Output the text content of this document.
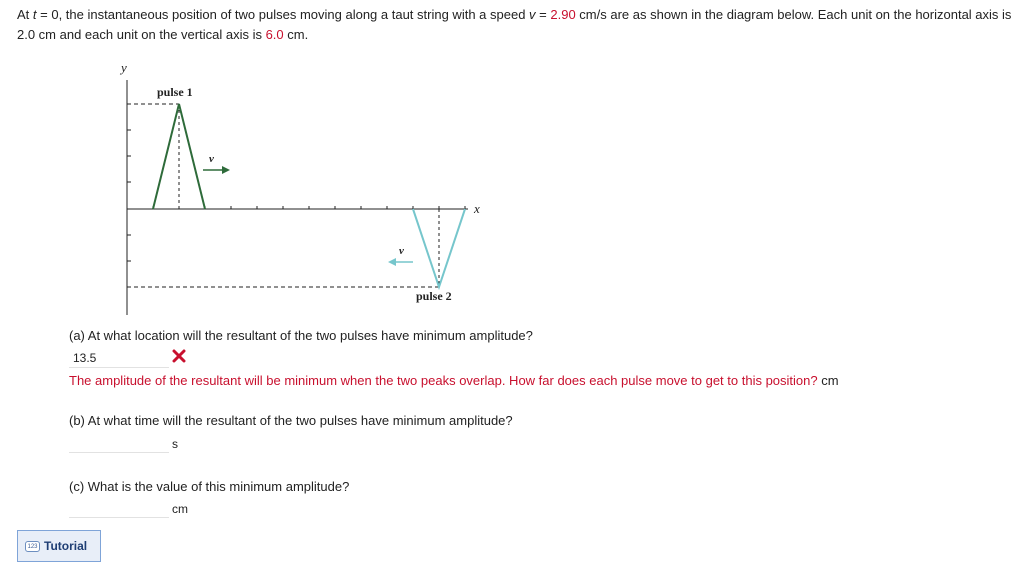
At t = 0, the instantaneous position of two pulses moving along a taut string with a speed v = 2.90 cm/s are as shown in the diagram below. Each unit on the horizontal axis is 2.0 cm and each unit on the vertical axis is 6.0 cm.
y
x
pulse 1
pulse 2
v
v
(a) At what location will the resultant of the two pulses have minimum amplitude?
13.5
The amplitude of the resultant will be minimum when the two peaks overlap. How far does each pulse move to get to this position? cm
(b) At what time will the resultant of the two pulses have minimum amplitude?
s
(c) What is the value of this minimum amplitude?
cm
123 Tutorial
